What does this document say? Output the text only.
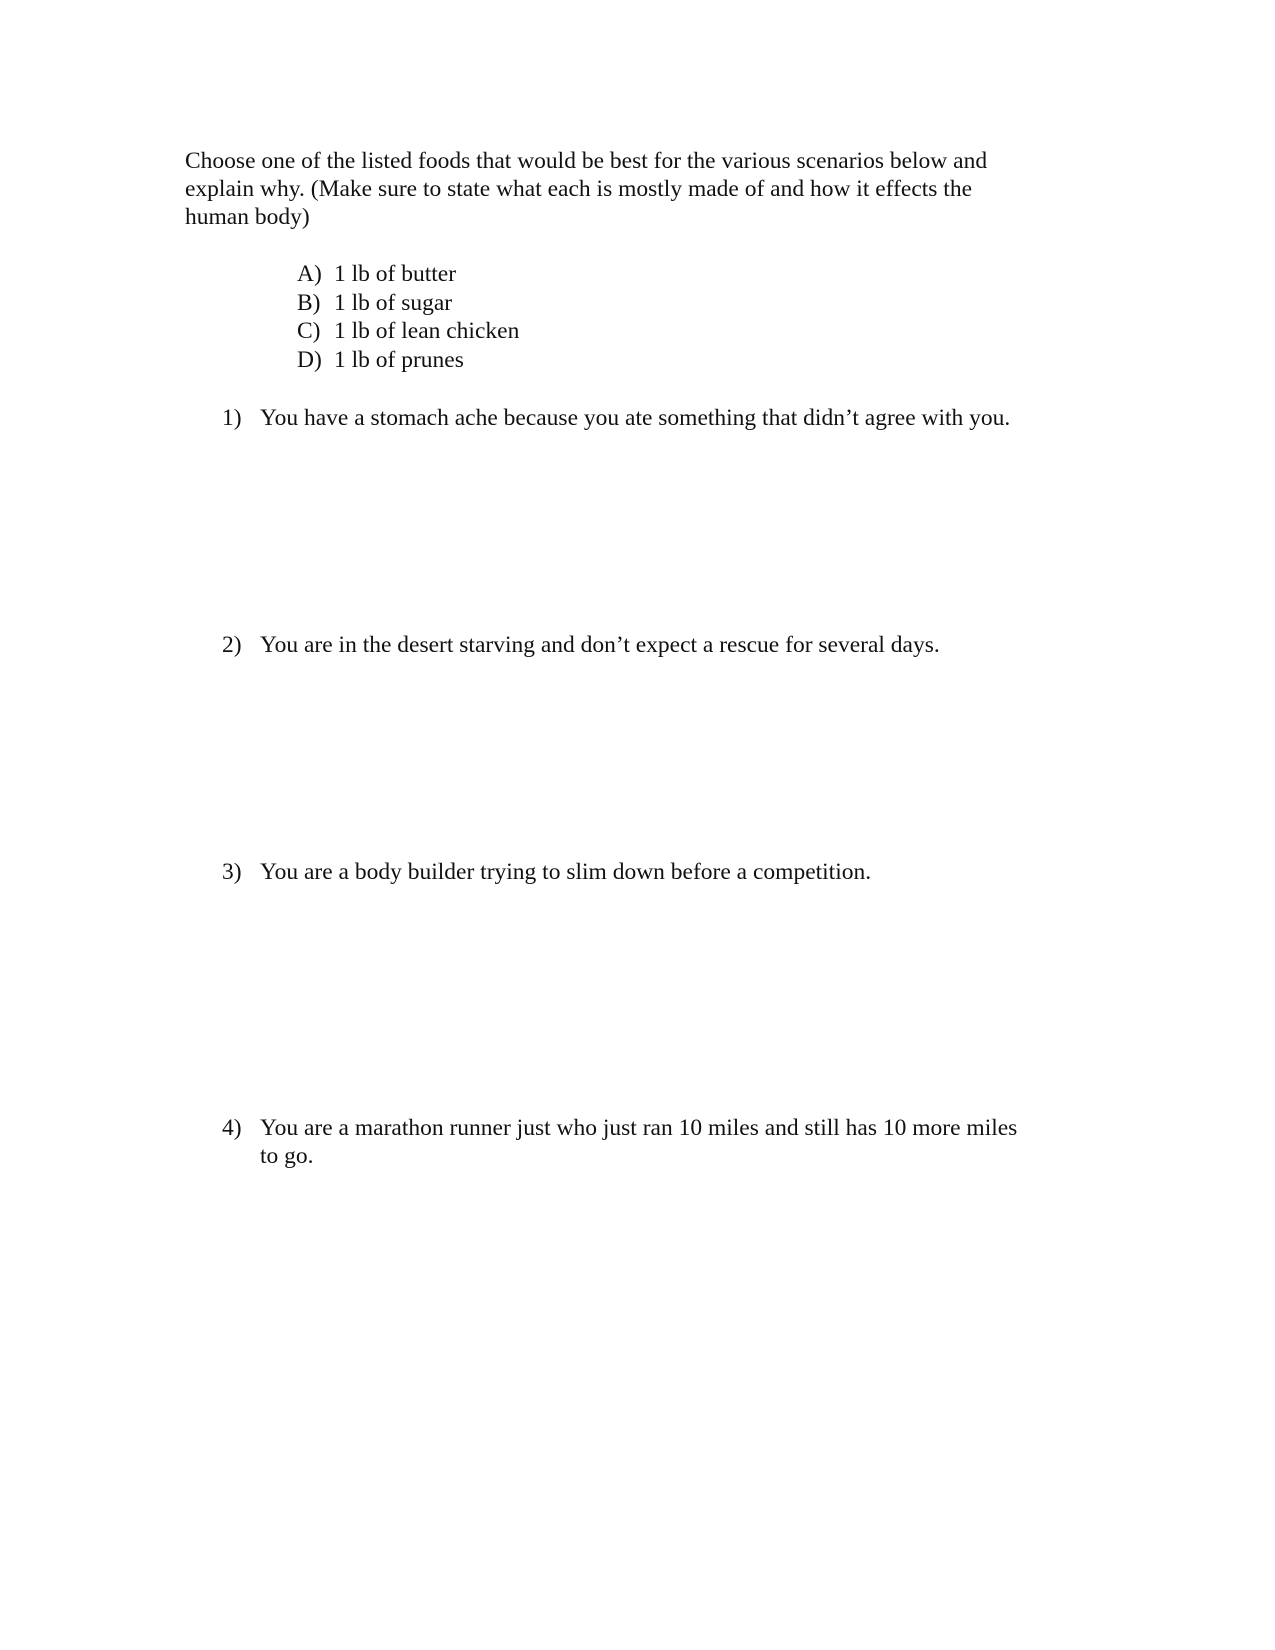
Choose one of the listed foods that would be best for the various scenarios below and
explain why. (Make sure to state what each is mostly made of and how it effects the
human body)

A) 1 lb of butter
B) 1 lb of sugar
C) 1 lb of lean chicken
D) 1 lb of prunes
1) You have a stomach ache because you ate something that didn’t agree with you.
2) You are in the desert starving and don’t expect a rescue for several days.
3) You are a body builder trying to slim down before a competition.
4) You are a marathon runner just who just ran 10 miles and still has 10 more miles
to go.
